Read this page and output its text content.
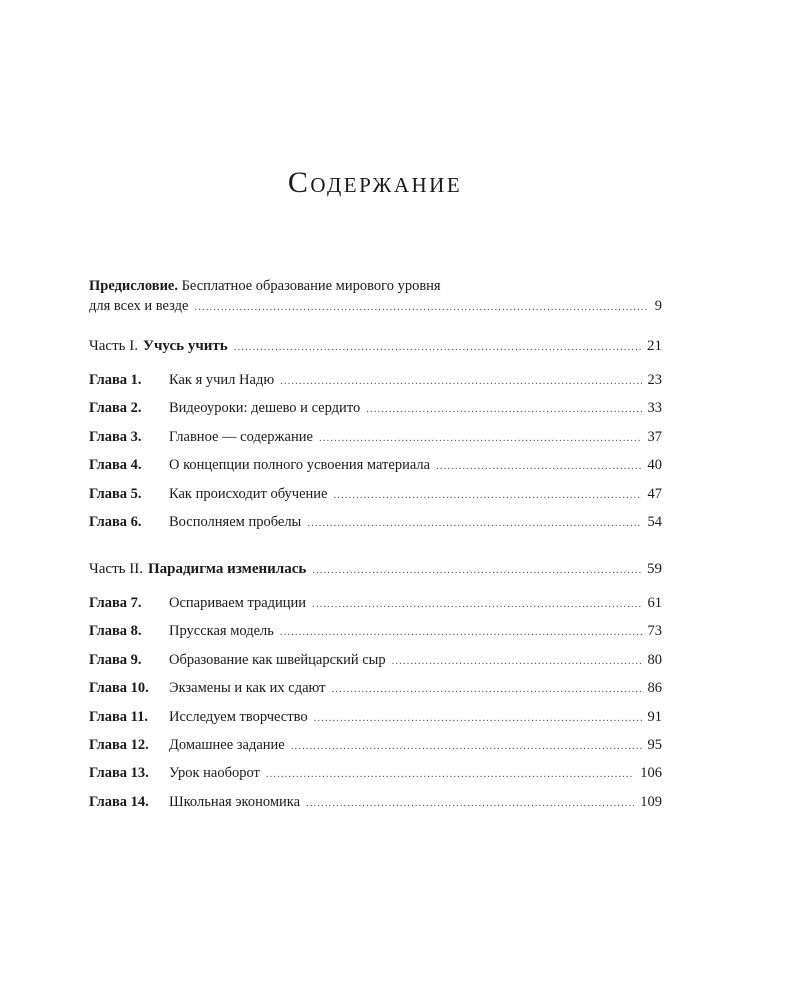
Содержание
Предисловие. Бесплатное образование мирового уровня
для всех и везде .....	9
Часть I. Учусь учить .....	21
Глава 1.	Как я учил Надю .....	23
Глава 2.	Видеоуроки: дешево и сердито .....	33
Глава 3.	Главное — содержание .....	37
Глава 4.	О концепции полного усвоения материала .....	40
Глава 5.	Как происходит обучение .....	47
Глава 6.	Восполняем пробелы .....	54
Часть II. Парадигма изменилась .....	59
Глава 7.	Оспариваем традиции .....	61
Глава 8.	Прусская модель .....	73
Глава 9.	Образование как швейцарский сыр .....	80
Глава 10.	Экзамены и как их сдают .....	86
Глава 11.	Исследуем творчество .....	91
Глава 12.	Домашнее задание .....	95
Глава 13.	Урок наоборот .....	106
Глава 14.	Школьная экономика .....	109
